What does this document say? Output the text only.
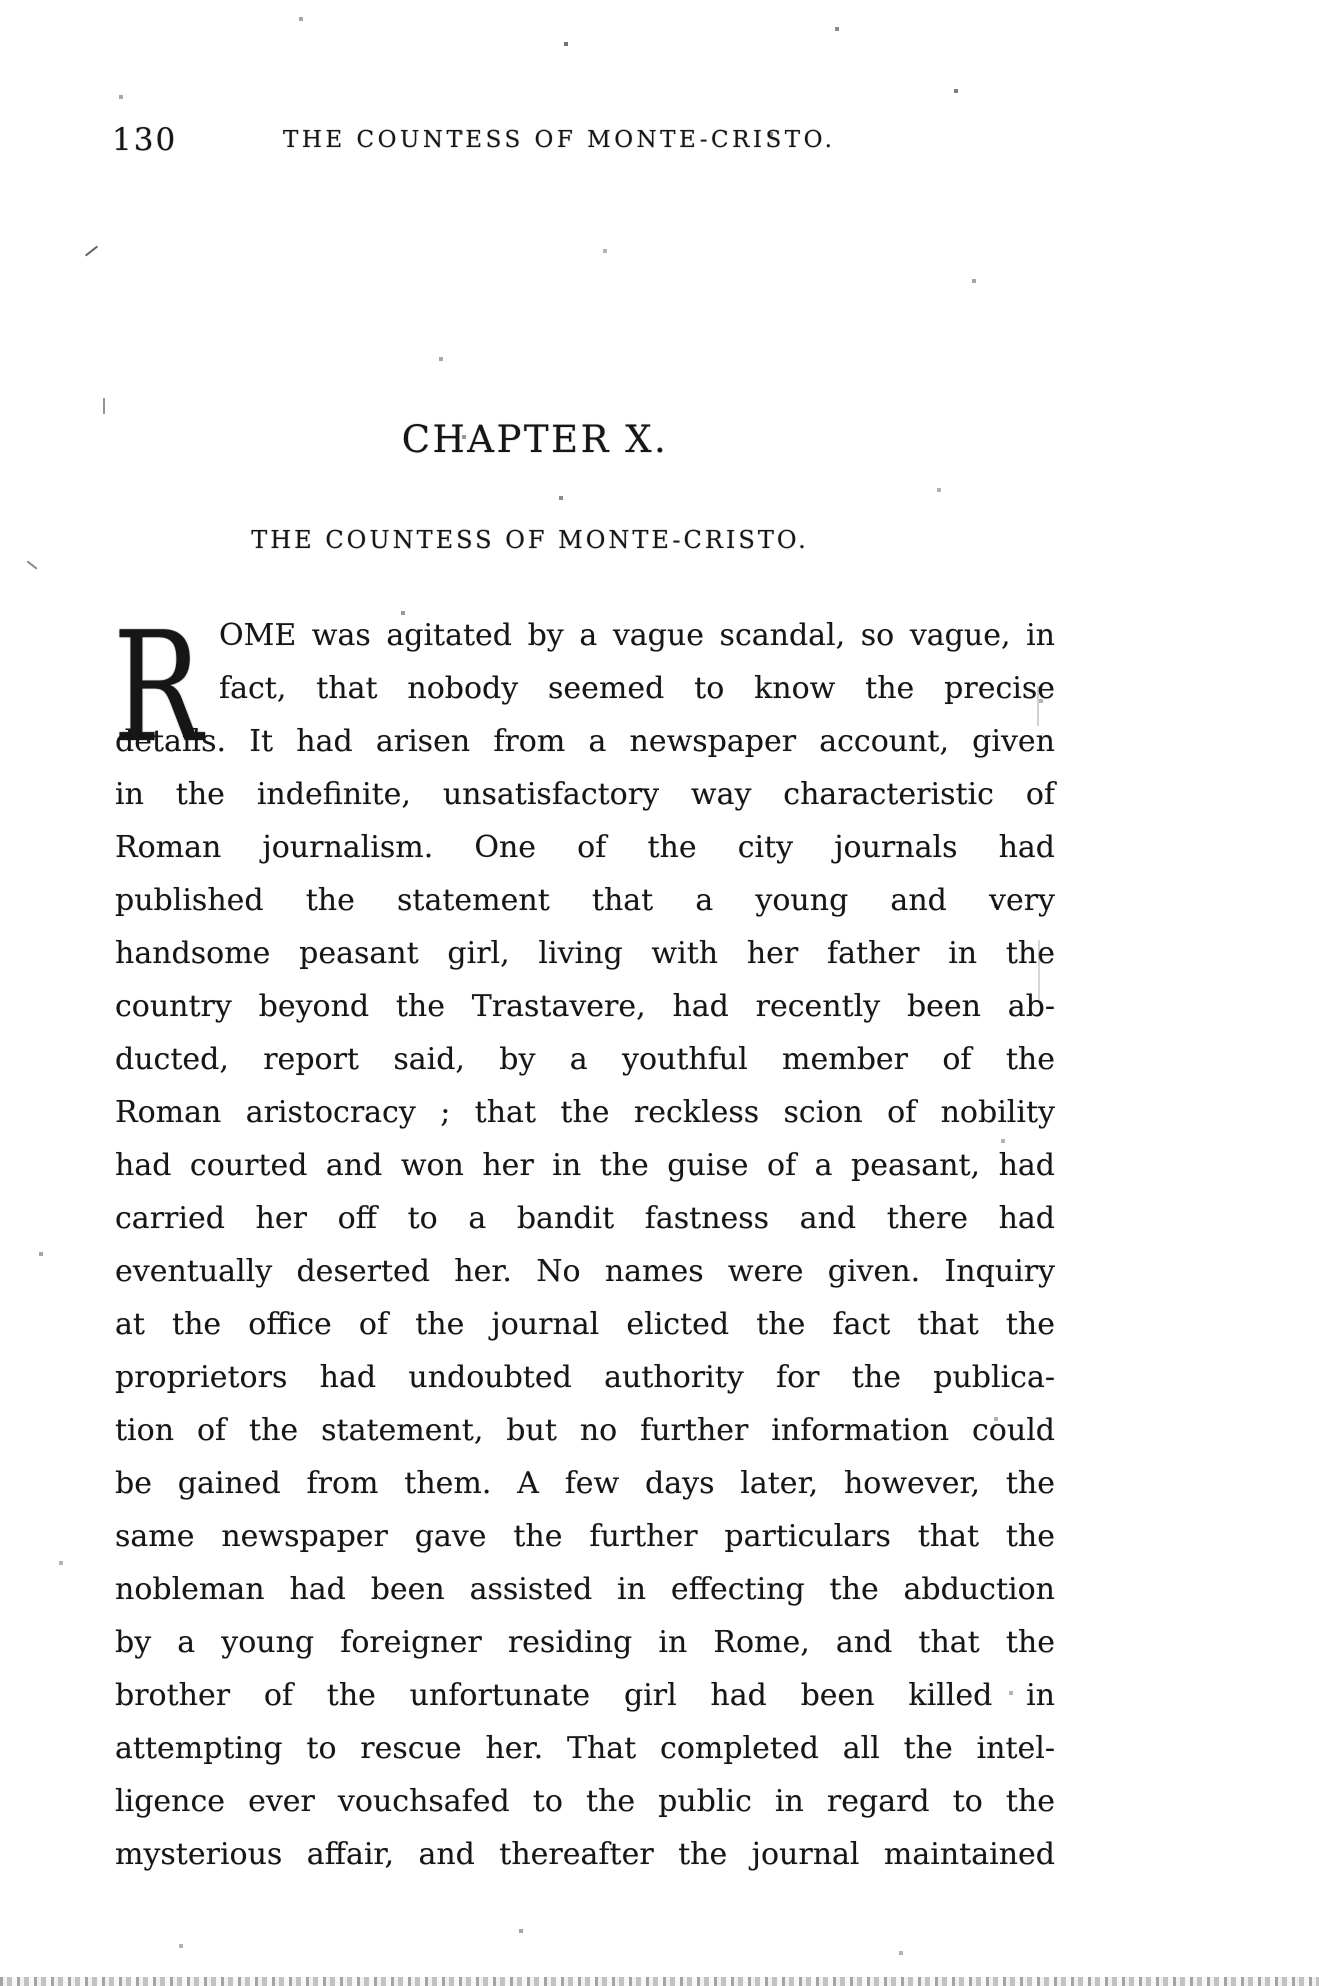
130	THE COUNTESS OF MONTE-CRISTO.
CHAPTER X.
THE COUNTESS OF MONTE-CRISTO.
R OME was agitated by a vague scandal, so vague, in
fact, that nobody seemed to know the precise
details. It had arisen from a newspaper account, given
in the indefinite, unsatisfactory way characteristic of
Roman journalism. One of the city journals had
published the statement that a young and very
handsome peasant girl, living with her father in the
country beyond the Trastavere, had recently been ab-
ducted, report said, by a youthful member of the
Roman aristocracy ; that the reckless scion of nobility
had courted and won her in the guise of a peasant, had
carried her off to a bandit fastness and there had
eventually deserted her. No names were given. Inquiry
at the office of the journal elicted the fact that the
proprietors had undoubted authority for the publica-
tion of the statement, but no further information could
be gained from them. A few days later, however, the
same newspaper gave the further particulars that the
nobleman had been assisted in effecting the abduction
by a young foreigner residing in Rome, and that the
brother of the unfortunate girl had been killed in
attempting to rescue her. That completed all the intel-
ligence ever vouchsafed to the public in regard to the
mysterious affair, and thereafter the journal maintained
